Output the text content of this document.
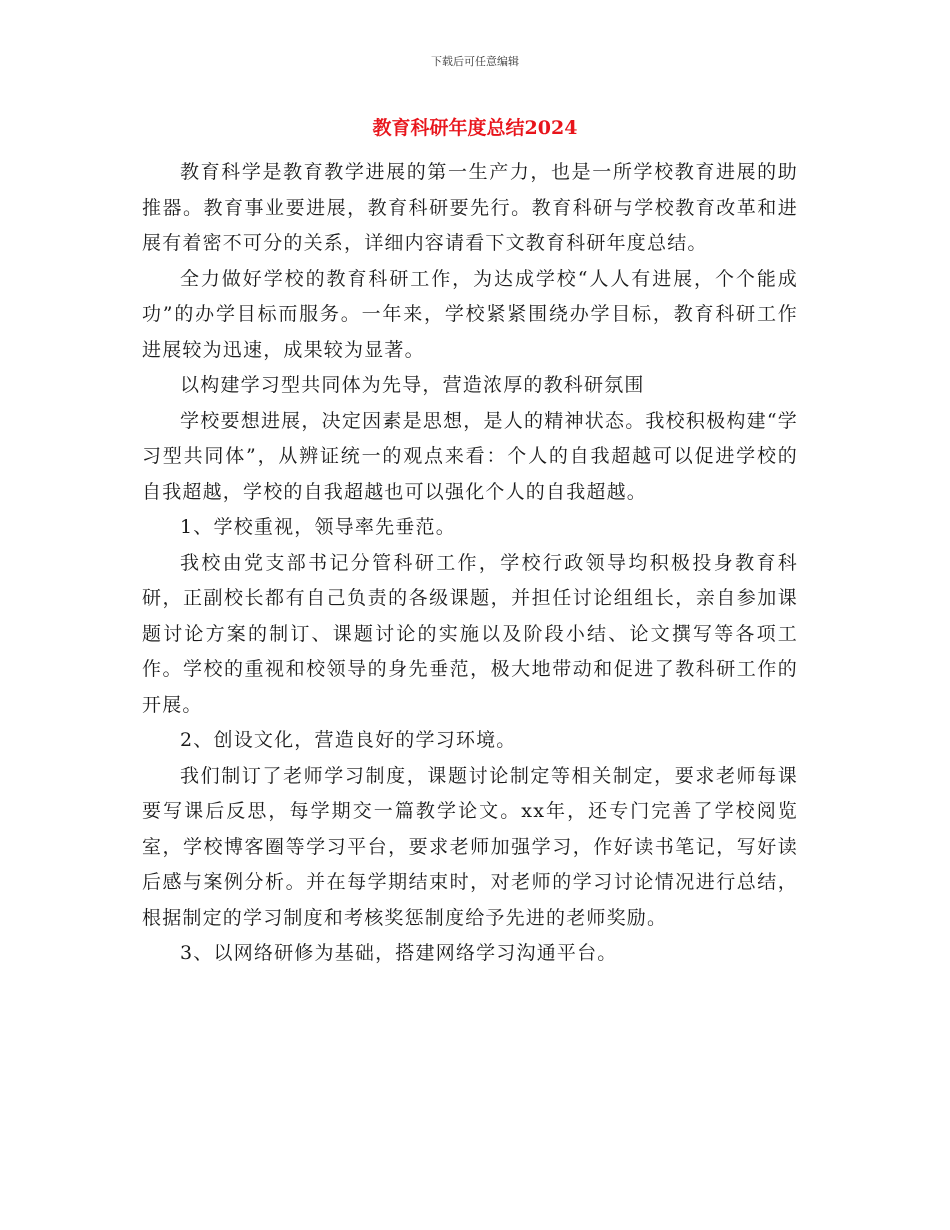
下载后可任意编辑
教育科研年度总结2024

教育科学是教育教学进展的第一生产力，也是一所学校教育进展的助推器。教育事业要进展，教育科研要先行。教育科研与学校教育改革和进展有着密不可分的关系，详细内容请看下文教育科研年度总结。

全力做好学校的教育科研工作，为达成学校“人人有进展，个个能成功”的办学目标而服务。一年来，学校紧紧围绕办学目标，教育科研工作进展较为迅速，成果较为显著。

以构建学习型共同体为先导，营造浓厚的教科研氛围

学校要想进展，决定因素是思想，是人的精神状态。我校积极构建“学习型共同体”，从辨证统一的观点来看：个人的自我超越可以促进学校的自我超越，学校的自我超越也可以强化个人的自我超越。

1、学校重视，领导率先垂范。

我校由党支部书记分管科研工作，学校行政领导均积极投身教育科研，正副校长都有自己负责的各级课题，并担任讨论组组长，亲自参加课题讨论方案的制订、课题讨论的实施以及阶段小结、论文撰写等各项工作。学校的重视和校领导的身先垂范，极大地带动和促进了教科研工作的开展。

2、创设文化，营造良好的学习环境。

我们制订了老师学习制度，课题讨论制定等相关制定，要求老师每课要写课后反思，每学期交一篇教学论文。xx年，还专门完善了学校阅览室，学校博客圈等学习平台，要求老师加强学习，作好读书笔记，写好读后感与案例分析。并在每学期结束时，对老师的学习讨论情况进行总结，根据制定的学习制度和考核奖惩制度给予先进的老师奖励。

3、以网络研修为基础，搭建网络学习沟通平台。
